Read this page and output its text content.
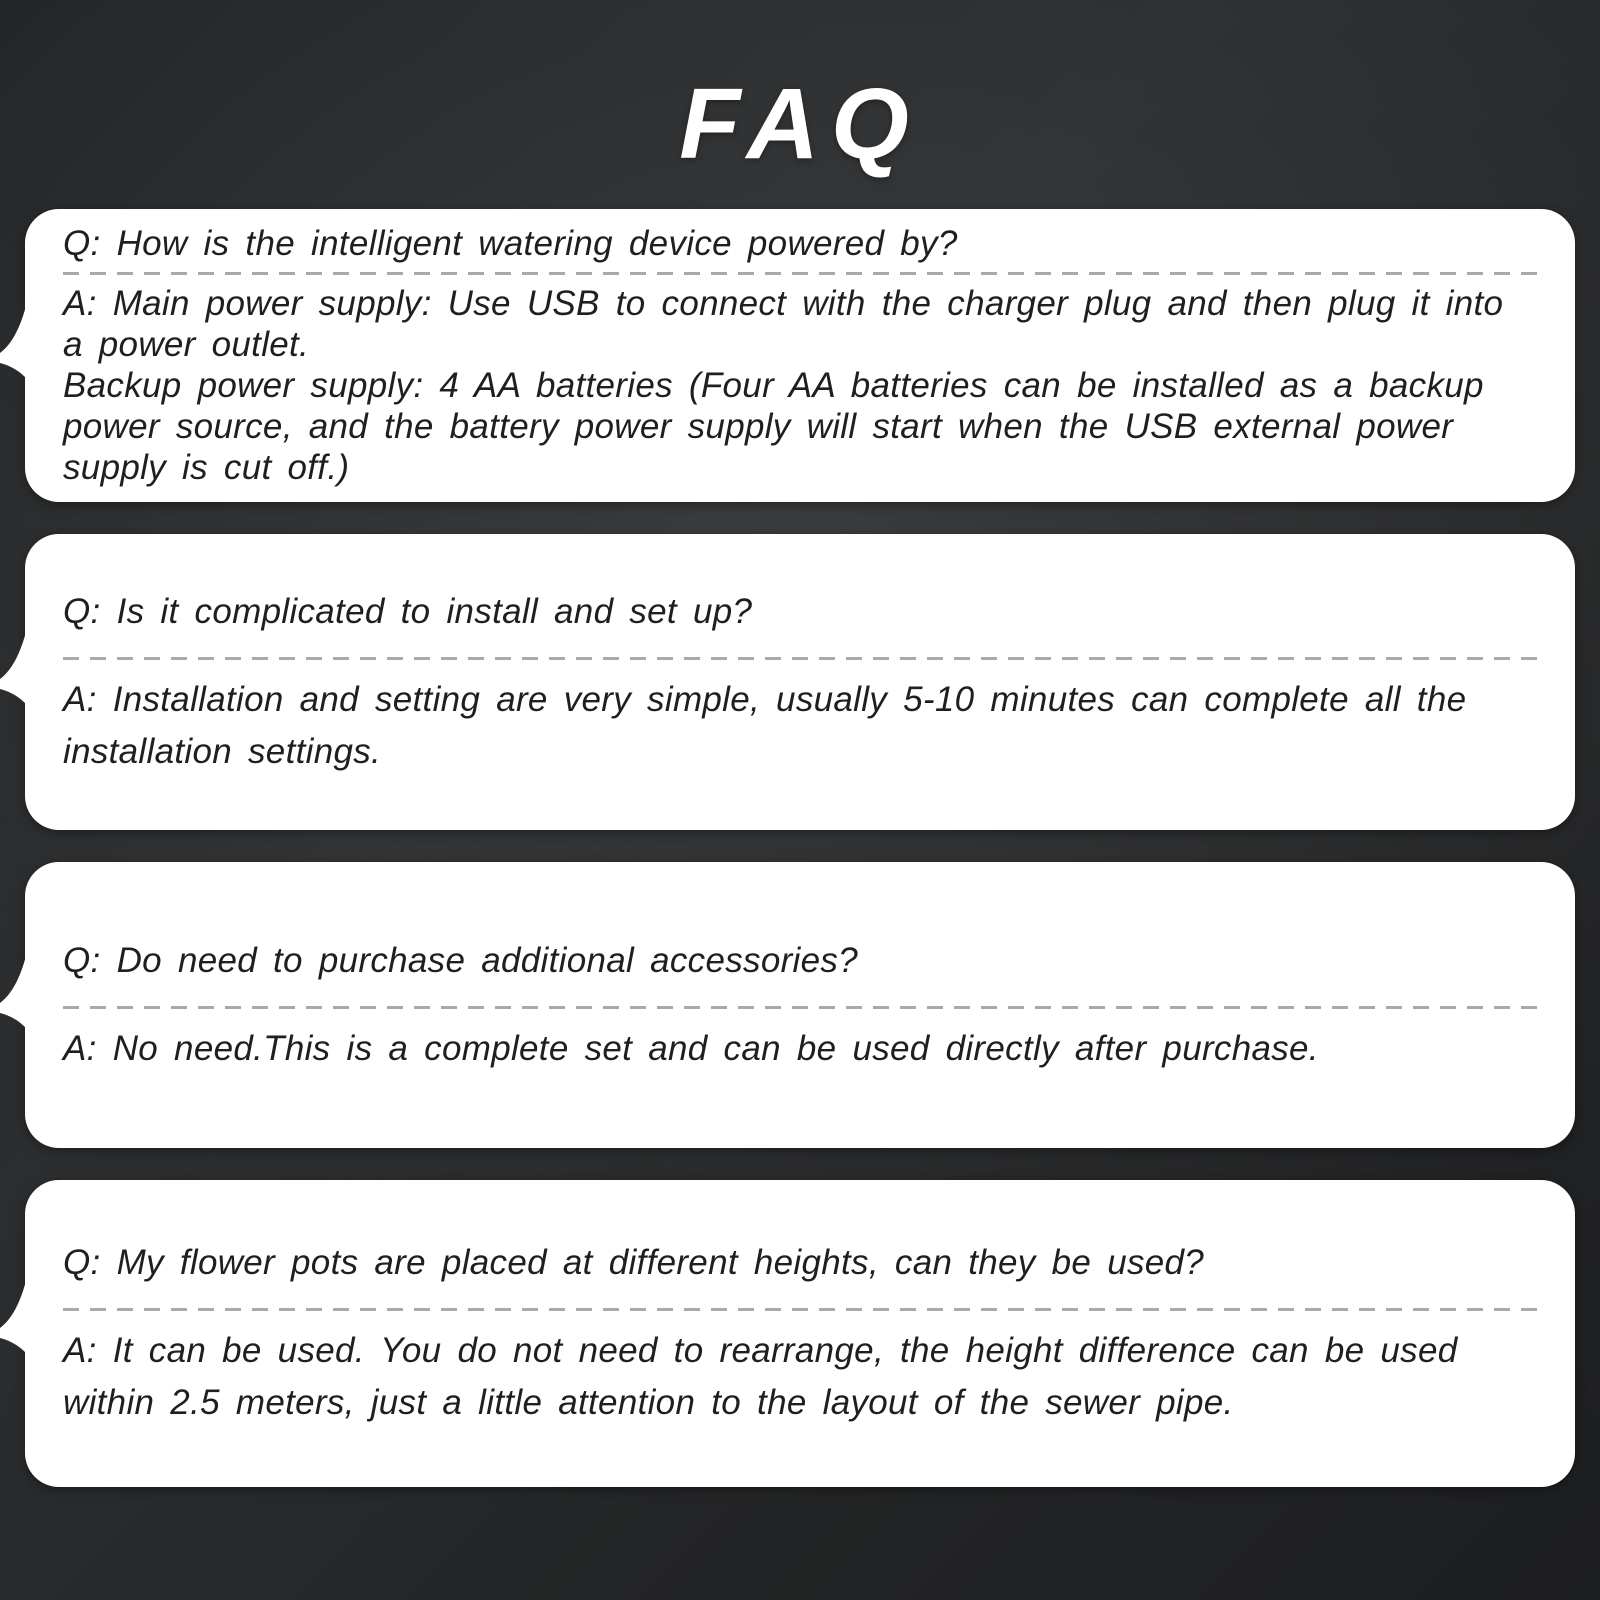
FAQ
Q: How is the intelligent watering device powered by?

A: Main power supply: Use USB to connect with the charger plug and then plug it into a power outlet.

Backup power supply: 4 AA batteries (Four AA batteries can be installed as a backup power source, and the battery power supply will start when the USB external power supply is cut off.)

Q: Is it complicated to install and set up?

A: Installation and setting are very simple, usually 5-10 minutes can complete all the installation settings.

Q: Do need to purchase additional accessories?

A: No need.This is a complete set and can be used directly after purchase.

Q: My flower pots are placed at different heights, can they be used?

A: It can be used. You do not need to rearrange, the height difference can be used within 2.5 meters, just a little attention to the layout of the sewer pipe.
